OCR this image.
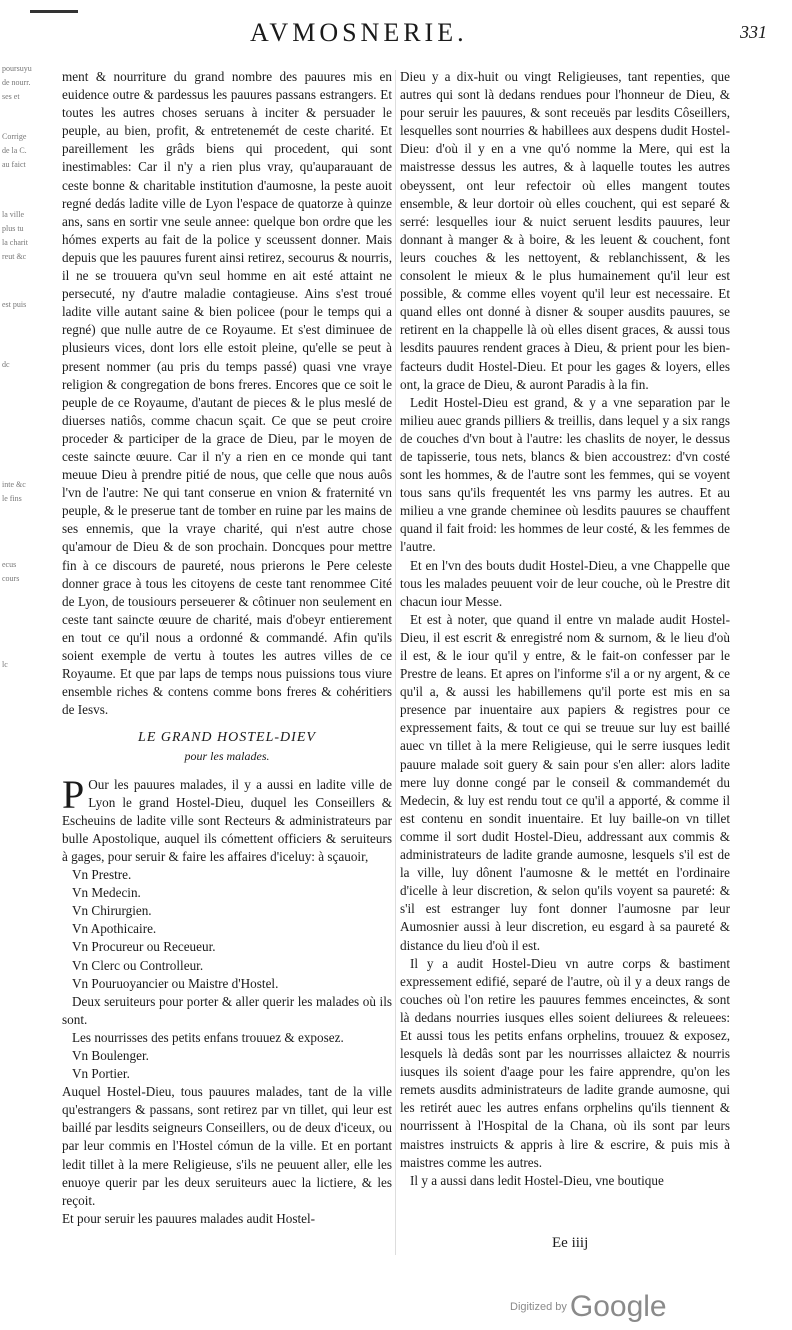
AVMOSNERIE.	331
poursuyu
de nourr.
ses et
Corrige
de la C.
au faict
la ville
plus tu
la charit
reut &c
est puis
dc
inte &c
le fins
ecus
cours
lc

ment & nourriture du grand nombre des pauures mis en euidence outre & pardessus les pauures passans estrangers. Et toutes les autres choses seruans à inciter & persuader le peuple, au bien, profit, & entretenemét de ceste charité. Et pareillement les grâds biens qui procedent, qui sont inestimables: Car il n'y a rien plus vray, qu'auparauant de ceste bonne & charitable institution d'aumosne, la peste auoit regné dedás ladite ville de Lyon l'espace de quatorze à quinze ans, sans en sortir vne seule annee: quelque bon ordre que les hómes experts au fait de la police y sceussent donner. Mais depuis que les pauures furent ainsi retirez, secourus & nourris, il ne se trouuera qu'vn seul homme en ait esté attaint ne persecuté, ny d'autre maladie contagieuse. Ains s'est troué ladite ville autant saine & bien policee (pour le temps qui a regné) que nulle autre de ce Royaume. Et s'est diminuee de plusieurs vices, dont lors elle estoit pleine, qu'elle se peut à present nommer (au pris du temps passé) quasi vne vraye religion & congregation de bons freres. Encores que ce soit le peuple de ce Royaume, d'autant de pieces & le plus meslé de diuerses natiôs, comme chacun sçait. Ce que se peut croire proceder & participer de la grace de Dieu, par le moyen de ceste saincte œuure. Car il n'y a rien en ce monde qui tant meuue Dieu à prendre pitié de nous, que celle que nous auôs l'vn de l'autre: Ne qui tant conserue en vnion & fraternité vn peuple, & le preserue tant de tomber en ruine par les mains de ses ennemis, que la vraye charité, qui n'est autre chose qu'amour de Dieu & de son prochain. Doncques pour mettre fin à ce discours de paureté, nous prierons le Pere celeste donner grace à tous les citoyens de ceste tant renommee Cité de Lyon, de tousiours perseuerer & côtinuer non seulement en ceste tant saincte œuure de charité, mais d'obeyr entierement en tout ce qu'il nous a ordonné & commandé. Afin qu'ils soient exemple de vertu à toutes les autres villes de ce Royaume. Et que par laps de temps nous puissions tous viure ensemble riches & contens comme bons freres & cohéritiers de Iesvs.

LE GRAND HOSTEL-DIEV
pour les malades.

P Our les pauures malades, il y a aussi en ladite ville de Lyon le grand Hostel-Dieu, duquel les Conseillers & Escheuins de ladite ville sont Recteurs & administrateurs par bulle Apostolique, auquel ils cómettent officiers & seruiteurs à gages, pour seruir & faire les affaires d'iceluy: à sçauoir,

Vn Prestre.
Vn Medecin.
Vn Chirurgien.
Vn Apothicaire.
Vn Procureur ou Receueur.
Vn Clerc ou Controlleur.
Vn Pouruoyancier ou Maistre d'Hostel.

Deux seruiteurs pour porter & aller querir les malades où ils sont.

Les nourrisses des petits enfans trouuez & exposez.

Vn Boulenger.
Vn Portier.

Auquel Hostel-Dieu, tous pauures malades, tant de la ville qu'estrangers & passans, sont retirez par vn tillet, qui leur est baillé par lesdits seigneurs Conseillers, ou de deux d'iceux, ou par leur commis en l'Hostel cómun de la ville. Et en portant ledit tillet à la mere Religieuse, s'ils ne peuuent aller, elle les enuoye querir par les deux seruiteurs auec la lictiere, & les reçoit.

Et pour seruir les pauures malades audit Hostel-

Dieu y a dix-huit ou vingt Religieuses, tant repenties, que autres qui sont là dedans rendues pour l'honneur de Dieu, & pour seruir les pauures, & sont receuës par lesdits Côseillers, lesquelles sont nourries & habillees aux despens dudit Hostel-Dieu: d'où il y en a vne qu'ó nomme la Mere, qui est la maistresse dessus les autres, & à laquelle toutes les autres obeyssent, ont leur refectoir où elles mangent toutes ensemble, & leur dortoir où elles couchent, qui est separé & serré: lesquelles iour & nuict seruent lesdits pauures, leur donnant à manger & à boire, & les leuent & couchent, font leurs couches & les nettoyent, & reblanchissent, & les consolent le mieux & le plus humainement qu'il leur est possible, & comme elles voyent qu'il leur est necessaire. Et quand elles ont donné à disner & souper ausdits pauures, se retirent en la chappelle là où elles disent graces, & aussi tous lesdits pauures rendent graces à Dieu, & prient pour les bien-facteurs dudit Hostel-Dieu. Et pour les gages & loyers, elles ont, la grace de Dieu, & auront Paradis à la fin.

Ledit Hostel-Dieu est grand, & y a vne separation par le milieu auec grands pilliers & treillis, dans lequel y a six rangs de couches d'vn bout à l'autre: les chaslits de noyer, le dessus de tapisserie, tous nets, blancs & bien accoustrez: d'vn costé sont les hommes, & de l'autre sont les femmes, qui se voyent tous sans qu'ils frequentét les vns parmy les autres. Et au milieu a vne grande cheminee où lesdits pauures se chauffent quand il fait froid: les hommes de leur costé, & les femmes de l'autre.

Et en l'vn des bouts dudit Hostel-Dieu, a vne Chappelle que tous les malades peuuent voir de leur couche, où le Prestre dit chacun iour Messe.

Et est à noter, que quand il entre vn malade audit Hostel-Dieu, il est escrit & enregistré nom & surnom, & le lieu d'où il est, & le iour qu'il y entre, & le fait-on confesser par le Prestre de leans. Et apres on l'informe s'il a or ny argent, & ce qu'il a, & aussi les habillemens qu'il porte est mis en sa presence par inuentaire aux papiers & registres pour ce expressement faits, & tout ce qui se treuue sur luy est baillé auec vn tillet à la mere Religieuse, qui le serre iusques ledit pauure malade soit guery & sain pour s'en aller: alors ladite mere luy donne congé par le conseil & commandemét du Medecin, & luy est rendu tout ce qu'il a apporté, & comme il est contenu en sondit inuentaire. Et luy baille-on vn tillet comme il sort dudit Hostel-Dieu, addressant aux commis & administrateurs de ladite grande aumosne, lesquels s'il est de la ville, luy dônent l'aumosne & le mettét en l'ordinaire d'icelle à leur discretion, & selon qu'ils voyent sa paureté: & s'il est estranger luy font donner l'aumosne par leur Aumosnier aussi à leur discretion, eu esgard à sa paureté & distance du lieu d'où il est.

Il y a audit Hostel-Dieu vn autre corps & bastiment expressement edifié, separé de l'autre, où il y a deux rangs de couches où l'on retire les pauures femmes enceinctes, & sont là dedans nourries iusques elles soient deliurees & releuees: Et aussi tous les petits enfans orphelins, trouuez & exposez, lesquels là dedâs sont par les nourrisses allaictez & nourris iusques ils soient d'aage pour les faire apprendre, qu'on les remets ausdits administrateurs de ladite grande aumosne, qui les retirét auec les autres enfans orphelins qu'ils tiennent & nourrissent à l'Hospital de la Chana, où ils sont par leurs maistres instruicts & appris à lire & escrire, & puis mis à maistres comme les autres.

Il y a aussi dans ledit Hostel-Dieu, vne boutique

Ee iiij
Digitized by Google
